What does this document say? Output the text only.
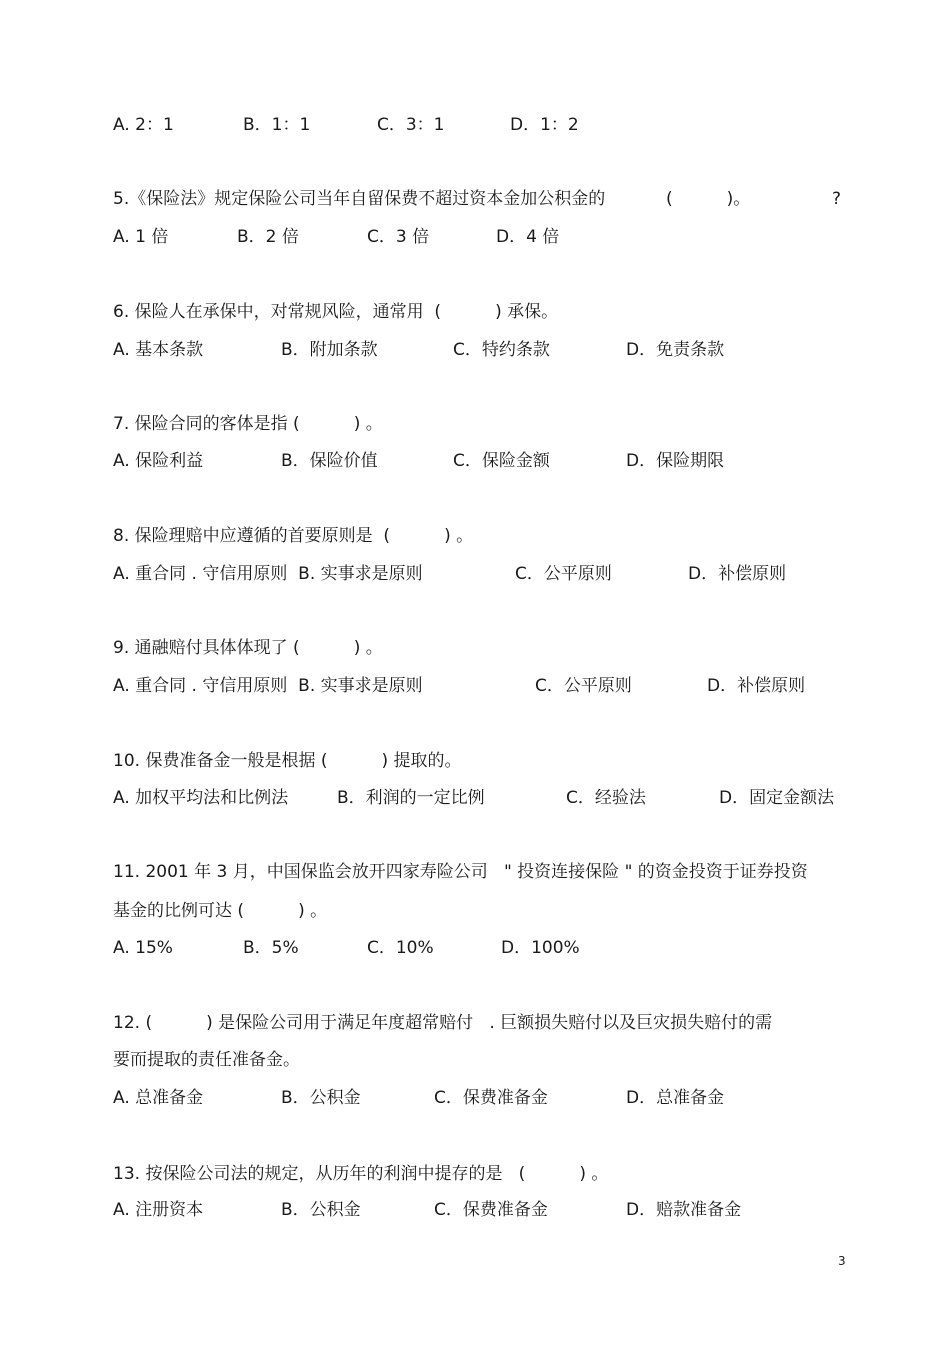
A. 2：1	B．1：1	C．3：1	D．1：2
5.《保险法》规定保险公司当年自留保费不超过资本金加公积金的	(          )。	?
A. 1 倍	B．2 倍	C．3 倍	D．4 倍
6. 保险人在承保中，对常规风险，通常用  (          ) 承保。
A. 基本条款	B．附加条款	C．特约条款	D．免责条款
7. 保险合同的客体是指 (          ) 。
A. 保险利益	B．保险价值	C．保险金额	D．保险期限
8. 保险理赔中应遵循的首要原则是  (          ) 。
A. 重合同 . 守信用原则  B. 实事求是原则	C．公平原则	D．补偿原则
9. 通融赔付具体体现了 (          ) 。
A. 重合同 . 守信用原则  B. 实事求是原则	C．公平原则	D．补偿原则
10. 保费准备金一般是根据 (          ) 提取的。
A. 加权平均法和比例法	B．利润的一定比例	C．经验法	D．固定金额法
11. 2001 年 3 月，中国保监会放开四家寿险公司   " 投资连接保险 " 的资金投资于证券投资
基金的比例可达 (          ) 。
A. 15%	B．5%	C．10%	D．100%
12. (          ) 是保险公司用于满足年度超常赔付   . 巨额损失赔付以及巨灾损失赔付的需
要而提取的责任准备金。
A. 总准备金	B．公积金	C．保费准备金	D．总准备金
13. 按保险公司法的规定，从历年的利润中提存的是   (          ) 。
A. 注册资本	B．公积金	C．保费准备金	D．赔款准备金
3
